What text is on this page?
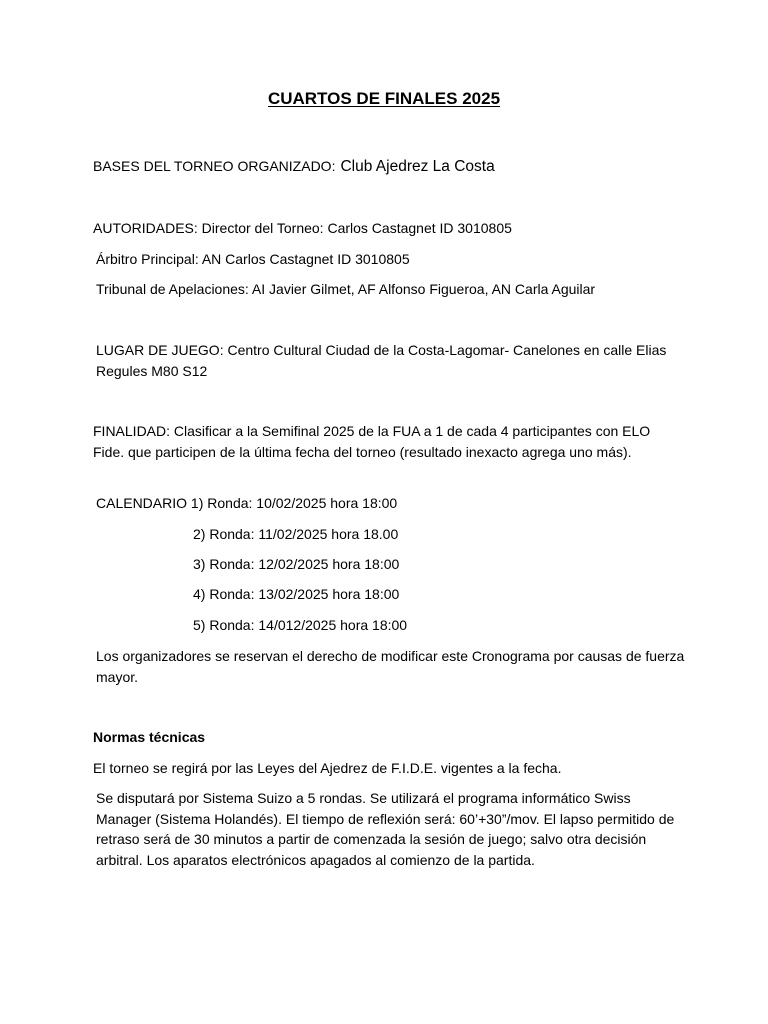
CUARTOS DE FINALES 2025

BASES DEL TORNEO ORGANIZADO: Club Ajedrez La Costa

AUTORIDADES: Director del Torneo: Carlos Castagnet ID 3010805

Árbitro Principal: AN Carlos Castagnet ID 3010805

Tribunal de Apelaciones: AI Javier Gilmet, AF Alfonso Figueroa, AN Carla Aguilar

LUGAR DE JUEGO: Centro Cultural Ciudad de la Costa-Lagomar- Canelones en calle Elias Regules M80 S12

FINALIDAD: Clasificar a la Semifinal 2025 de la FUA a 1 de cada 4 participantes con ELO Fide. que participen de la última fecha del torneo (resultado inexacto agrega uno más).

CALENDARIO 1) Ronda: 10/02/2025 hora 18:00

2) Ronda: 11/02/2025 hora 18.00

3) Ronda: 12/02/2025 hora 18:00

4) Ronda: 13/02/2025 hora 18:00

5) Ronda: 14/012/2025 hora 18:00

Los organizadores se reservan el derecho de modificar este Cronograma por causas de fuerza mayor.

Normas técnicas

El torneo se regirá por las Leyes del Ajedrez de F.I.D.E. vigentes a la fecha.

Se disputará por Sistema Suizo a 5 rondas. Se utilizará el programa informático Swiss Manager (Sistema Holandés). El tiempo de reflexión será: 60’+30”/mov. El lapso permitido de retraso será de 30 minutos a partir de comenzada la sesión de juego; salvo otra decisión arbitral. Los aparatos electrónicos apagados al comienzo de la partida.
